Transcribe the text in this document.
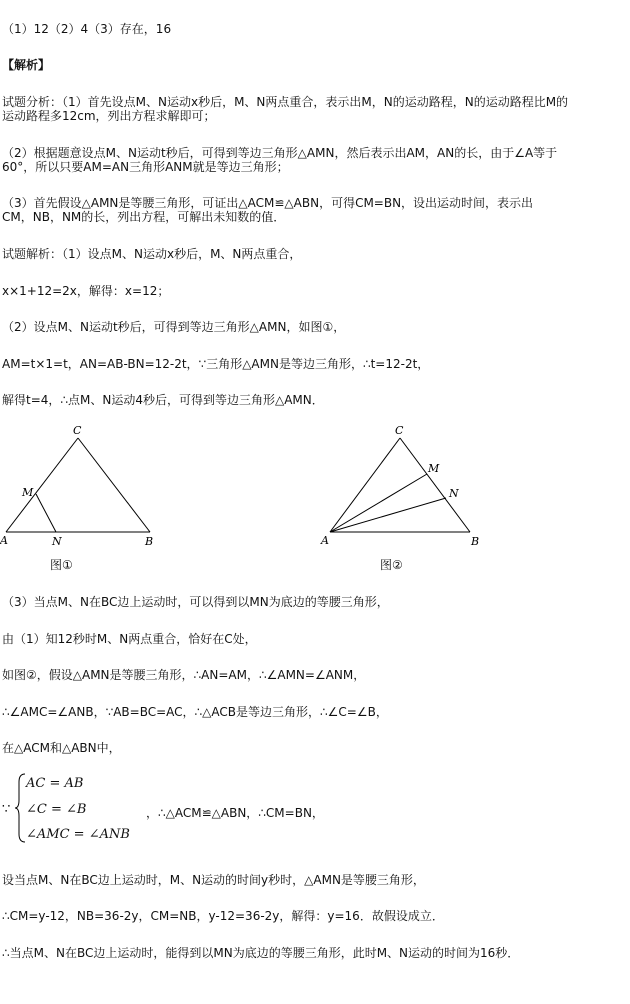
（1）12（2）4（3）存在，16
【解析】
试题分析：（1）首先设点M、N运动x秒后，M、N两点重合，表示出M，N的运动路程，N的运动路程比M的
运动路程多12cm，列出方程求解即可；
（2）根据题意设点M、N运动t秒后，可得到等边三角形△AMN，然后表示出AM，AN的长，由于∠A等于
60°，所以只要AM=AN三角形ANM就是等边三角形；
（3）首先假设△AMN是等腰三角形，可证出△ACM≌△ABN，可得CM=BN，设出运动时间，表示出
CM，NB，NM的长，列出方程，可解出未知数的值．
试题解析：（1）设点M、N运动x秒后，M、N两点重合，
x×1+12=2x，解得：x=12；
（2）设点M、N运动t秒后，可得到等边三角形△AMN，如图①，
AM=t×1=t，AN=AB-BN=12-2t，∵三角形△AMN是等边三角形，∴t=12-2t，
解得t=4，∴点M、N运动4秒后，可得到等边三角形△AMN．
A	B
C
M
N	A	B
C
M
N
图①	图②
（3）当点M、N在BC边上运动时，可以得到以MN为底边的等腰三角形，
由（1）知12秒时M、N两点重合，恰好在C处，
如图②，假设△AMN是等腰三角形，∴AN=AM，∴∠AMN=∠ANM，
∴∠AMC=∠ANB，∵AB=BC=AC，∴△ACB是等边三角形，∴∠C=∠B，
在△ACM和△ABN中，
∵
AC = AB
∠C = ∠B
∠AMC = ∠ANB
，∴△ACM≌△ABN，∴CM=BN，
设当点M、N在BC边上运动时，M、N运动的时间y秒时，△AMN是等腰三角形，
∴CM=y-12，NB=36-2y，CM=NB，y-12=36-2y，解得：y=16．故假设成立．
∴当点M、N在BC边上运动时，能得到以MN为底边的等腰三角形，此时M、N运动的时间为16秒．
